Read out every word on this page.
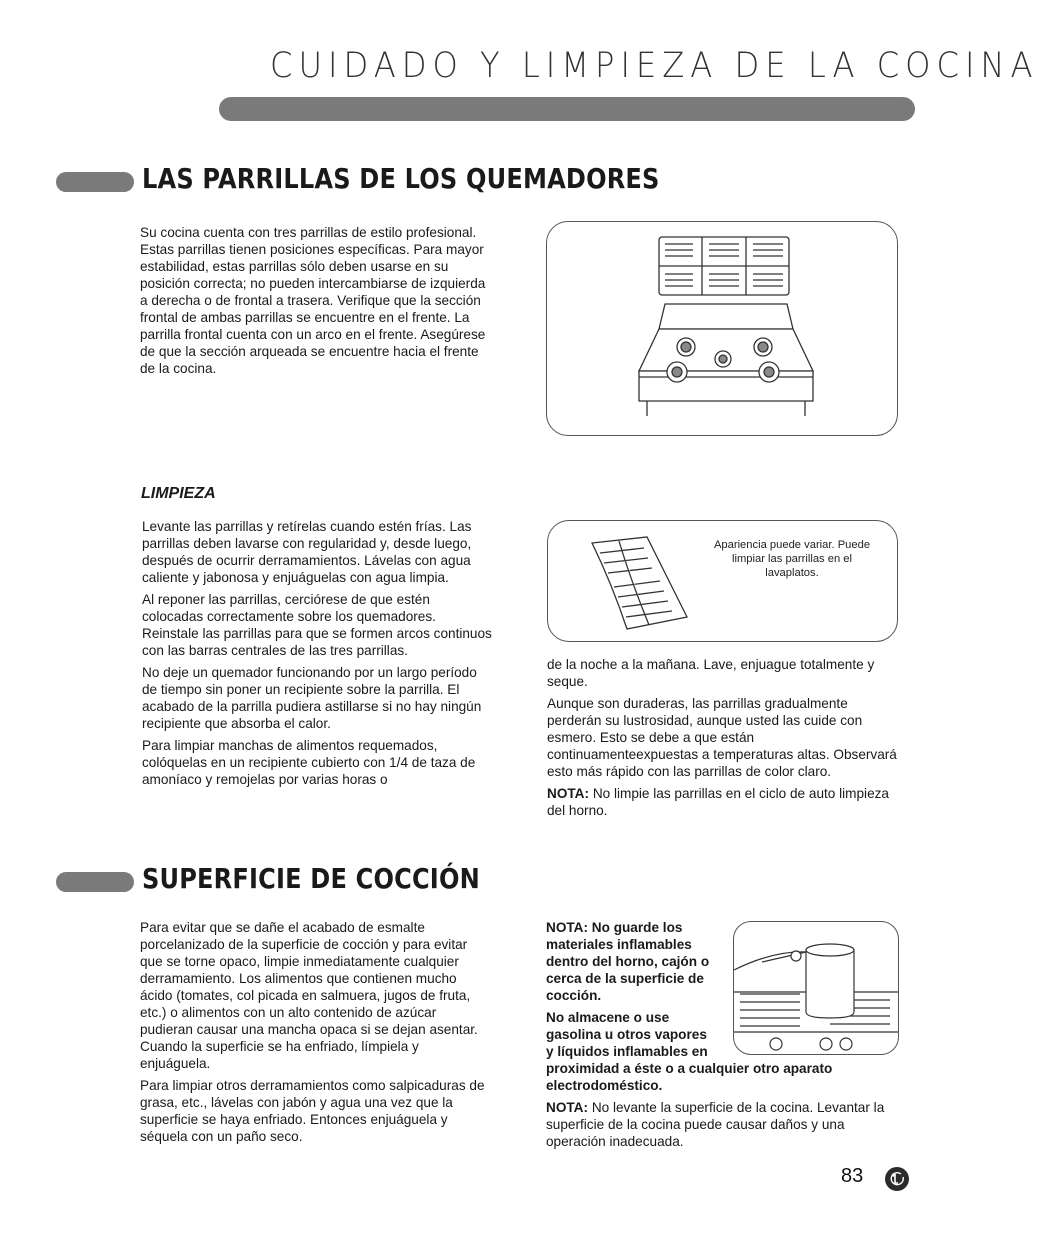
CUIDADO Y LIMPIEZA DE LA COCINA
LAS PARRILLAS DE LOS QUEMADORES
Su cocina cuenta con tres parrillas de estilo profesional. Estas parrillas tienen posiciones específicas. Para mayor estabilidad, estas parrillas sólo deben usarse en su posición correcta; no pueden intercambiarse de izquierda a derecha o de frontal a trasera. Verifique que la sección frontal de ambas parrillas se encuentre en el frente. La parrilla frontal cuenta con un arco en el frente. Asegúrese de que la sección arqueada se encuentre hacia el frente de la cocina.
LIMPIEZA

Levante las parrillas y retírelas cuando estén frías. Las parrillas deben lavarse con regularidad y, desde luego, después de ocurrir derramamientos. Lávelas con agua caliente y jabonosa y enjuáguelas con agua limpia.

Al reponer las parrillas, cerciórese de que estén colocadas correctamente sobre los quemadores. Reinstale las parrillas para que se formen arcos continuos con las barras centrales de las tres parrillas.

No deje un quemador funcionando por un largo período de tiempo sin poner un recipiente sobre la parrilla. El acabado de la parrilla pudiera astillarse si no hay ningún recipiente que absorba el calor.

Para limpiar manchas de alimentos requemados, colóquelas en un recipiente cubierto con 1/4 de taza de amoníaco y remojelas por varias horas o

Apariencia puede variar. Puede limpiar las parrillas en el lavaplatos.

de la noche a la mañana. Lave, enjuague totalmente y seque.

Aunque son duraderas, las parrillas gradualmente perderán su lustrosidad, aunque usted las cuide con esmero. Esto se debe a que están continuamenteexpuestas a temperaturas altas. Observará esto más rápido con las parrillas de color claro.

NOTA: No limpie las parrillas en el ciclo de auto limpieza del horno.

SUPERFICIE DE COCCIÓN

Para evitar que se dañe el acabado de esmalte porcelanizado de la superficie de cocción y para evitar que se torne opaco, limpie inmediatamente cualquier derramamiento. Los alimentos que contienen mucho ácido (tomates, col picada en salmuera, jugos de fruta, etc.) o alimentos con un alto contenido de azúcar pudieran causar una mancha opaca si se dejan asentar. Cuando la superficie se ha enfriado, límpiela y enjuáguela.

Para limpiar otros derramamientos como salpicaduras de grasa, etc., lávelas con jabón y agua una vez que la superficie se haya enfriado. Entonces enjuáguela y séquela con un paño seco.

NOTA: No guarde los materiales inflamables dentro del horno, cajón o cerca de la superficie de cocción.
No almacene o use
gasolina u otros vapores
y líquidos inflamables en
proximidad a éste o a cualquier otro aparato electrodoméstico.
NOTA: No levante la superficie de la cocina. Levantar la superficie de la cocina puede causar daños y una operación inadecuada.
83
